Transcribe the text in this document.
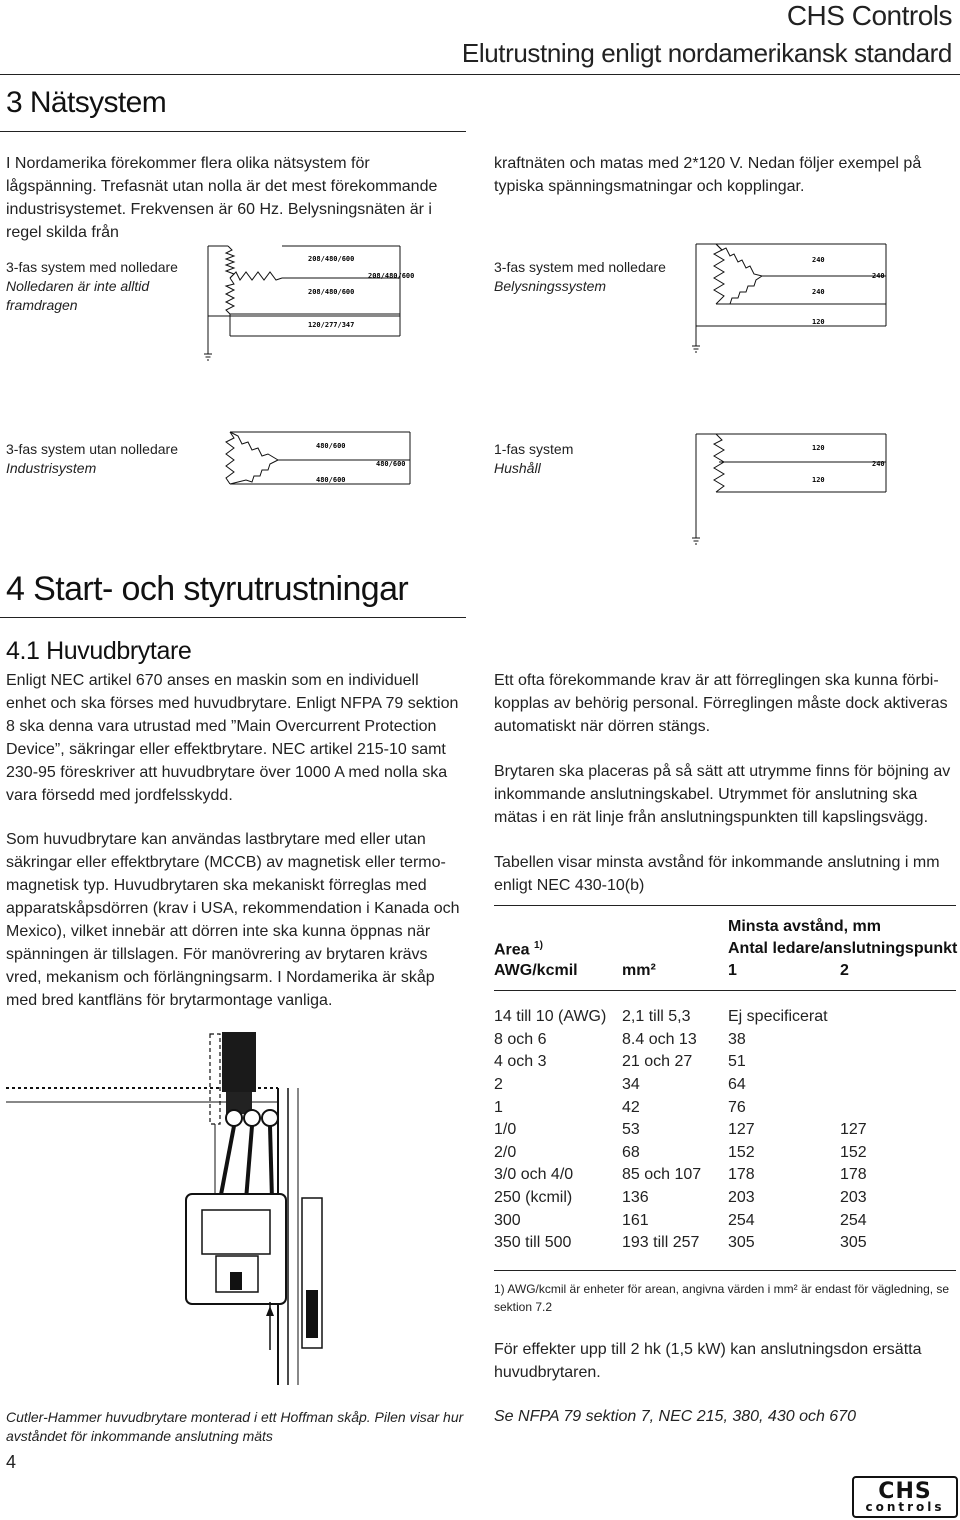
CHS Controls
Elutrustning enligt nordamerikansk standard
3 Nätsystem
I Nordamerika förekommer flera olika nätsystem för lågspänning. Trefasnät utan nolla är det mest förekommande industrisystemet. Frekvensen är 60 Hz. Belysningsnäten är i regel skilda från
kraftnäten och matas med 2*120 V. Nedan följer exempel på typiska spänningsmatningar och kopplingar.
3-fas system med nolledare
Nolledaren är inte alltid
framdragen
3-fas system med nolledare
Belysningssystem
3-fas system utan nolledare
Industrisystem
1-fas system
Hushåll
208/480/600
208/480/600
208/480/600
120/277/347
240
240
240
120
480/600
480/600
480/600
120
120
240
4 Start- och styrutrustningar
4.1 Huvudbrytare
Enligt NEC artikel 670 anses en maskin som en individuell enhet och ska förses med huvudbrytare. Enligt NFPA 79 sektion 8 ska denna vara utrustad med ”Main Overcurrent Protection Device”, säkringar eller effektbrytare. NEC artikel 215-10 samt 230-95 föreskriver att huvudbrytare över 1000 A med nolla ska vara försedd med jordfelsskydd.
Som huvudbrytare kan användas lastbrytare med eller utan säkringar eller effektbrytare (MCCB) av magnetisk eller termo-magnetisk typ. Huvudbrytaren ska mekaniskt förreglas med apparatskåpsdörren (krav i USA, rekommendation i Kanada och Mexico), vilket innebär att dörren inte ska kunna öppnas när spänningen är tillslagen. För manövrering av brytaren krävs vred, mekanism och förlängningsarm. I Nordamerika är skåp med bred kantfläns för brytarmontage vanliga.
Ett ofta förekommande krav är att förreglingen ska kunna förbi-kopplas av behörig personal. Förreglingen måste dock aktiveras automatiskt när dörren stängs.
Brytaren ska placeras på så sätt att utrymme finns för böjning av inkommande anslutningskabel. Utrymmet för anslutning ska mätas i en rät linje från anslutningspunkten till kapslingsvägg.
Tabellen visar minsta avstånd för inkommande anslutning i mm enligt NEC 430-10(b)
Minsta avstånd, mm
Area $^{1)}$	Antal ledare/anslutningspunkt
AWG/kcmil	mm²	1	2
14 till 10 (AWG)	2,1 till 5,3	Ej specificerat	
8 och 6	8.4 och 13	38	
4 och 3	21 och 27	51	
2	34	64	
1	42	76	
1/0	53	127	127
2/0	68	152	152
3/0 och 4/0	85 och 107	178	178
250 (kcmil)	136	203	203
300	161	254	254
350 till 500	193 till 257	305	305
1) AWG/kcmil är enheter för arean, angivna värden i mm² är endast för vägledning, se sektion 7.2
För effekter upp till 2 hk (1,5 kW) kan anslutningsdon ersätta huvudbrytaren.
Cutler-Hammer huvudbrytare monterad i ett Hoffman skåp. Pilen visar hur avståndet för inkommande anslutning mäts
Se NFPA 79 sektion 7, NEC 215, 380, 430 och 670
4
CHS
controls
